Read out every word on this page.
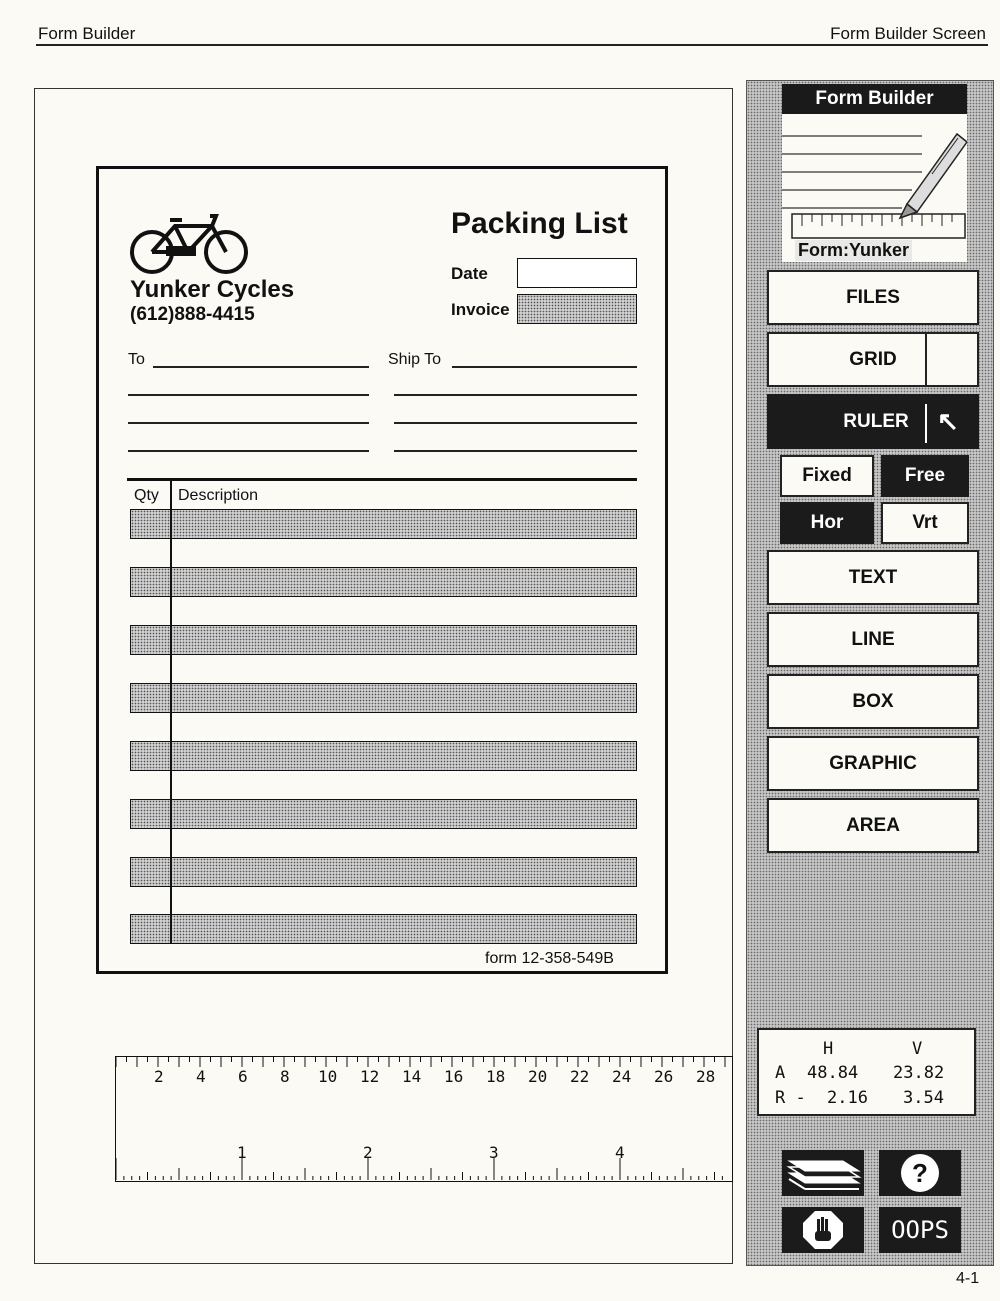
Form Builder	Form Builder Screen
Yunker Cycles
(612)888-4415
Packing List
Date
Invoice
To	Ship To
Qty Description
form 12-358-549B
2 4 6 8 10 12 14 16 18 20 22 24 26 28
1	2	3	4
Form Builder
Form:Yunker
FILES
GRID
RULER ↖
Fixed	Free
Hor	Vrt
TEXT
LINE
BOX
GRAPHIC
AREA
H	V
A 48.84 23.82
R - 2.16 3.54
?
OOPS
4-1
